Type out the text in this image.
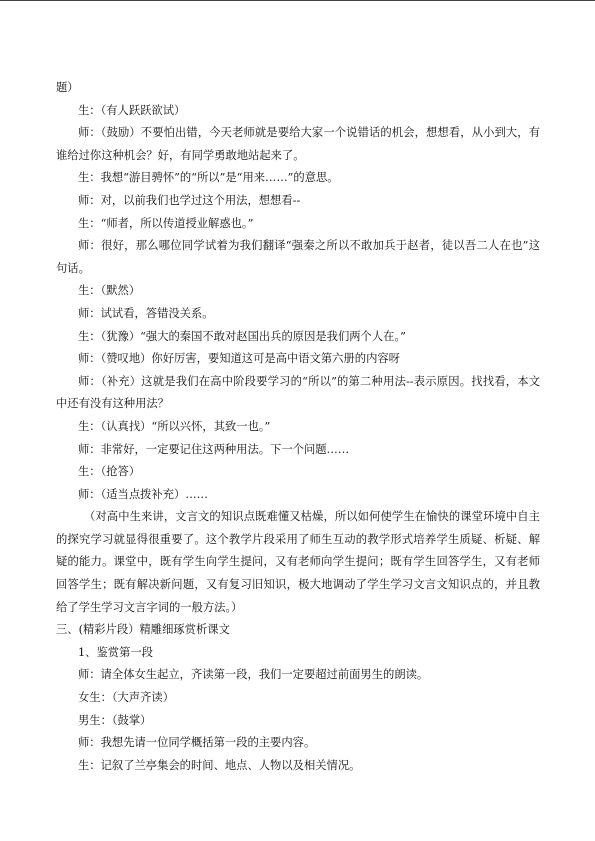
题）

生：（有人跃跃欲试）

师：（鼓励）不要怕出错，今天老师就是要给大家一个说错话的机会，想想看，从小到大，有谁给过你这种机会？好，有同学勇敢地站起来了。

生：我想“游目骋怀”的“所以”是“用来……”的意思。

师：对，以前我们也学过这个用法，想想看--

生：“师者，所以传道授业解惑也。”

师：很好，那么哪位同学试着为我们翻译“强秦之所以不敢加兵于赵者，徒以吾二人在也”这句话。

生：（默然）

师：试试看，答错没关系。

生：（犹豫）“强大的秦国不敢对赵国出兵的原因是我们两个人在。”

师：（赞叹地）你好厉害，要知道这可是高中语文第六册的内容呀

师：（补充）这就是我们在高中阶段要学习的“所以”的第二种用法--表示原因。找找看，本文中还有没有这种用法？

生：（认真找）“所以兴怀，其致一也。”

师：非常好，一定要记住这两种用法。下一个问题……

生：（抢答）

师：（适当点拨补充）……

（对高中生来讲，文言文的知识点既难懂又枯燥，所以如何使学生在愉快的课堂环境中自主的探究学习就显得很重要了。这个教学片段采用了师生互动的教学形式培养学生质疑、析疑、解疑的能力。课堂中，既有学生向学生提问，又有老师向学生提问；既有学生回答学生，又有老师回答学生；既有解决新问题，又有复习旧知识，极大地调动了学生学习文言文知识点的，并且教给了学生学习文言字词的一般方法。）

三、(精彩片段）精雕细琢赏析课文

1、鉴赏第一段

师：请全体女生起立，齐读第一段，我们一定要超过前面男生的朗读。

女生：（大声齐读）

男生：（鼓掌）

师：我想先请一位同学概括第一段的主要内容。

生：记叙了兰亭集会的时间、地点、人物以及相关情况。
